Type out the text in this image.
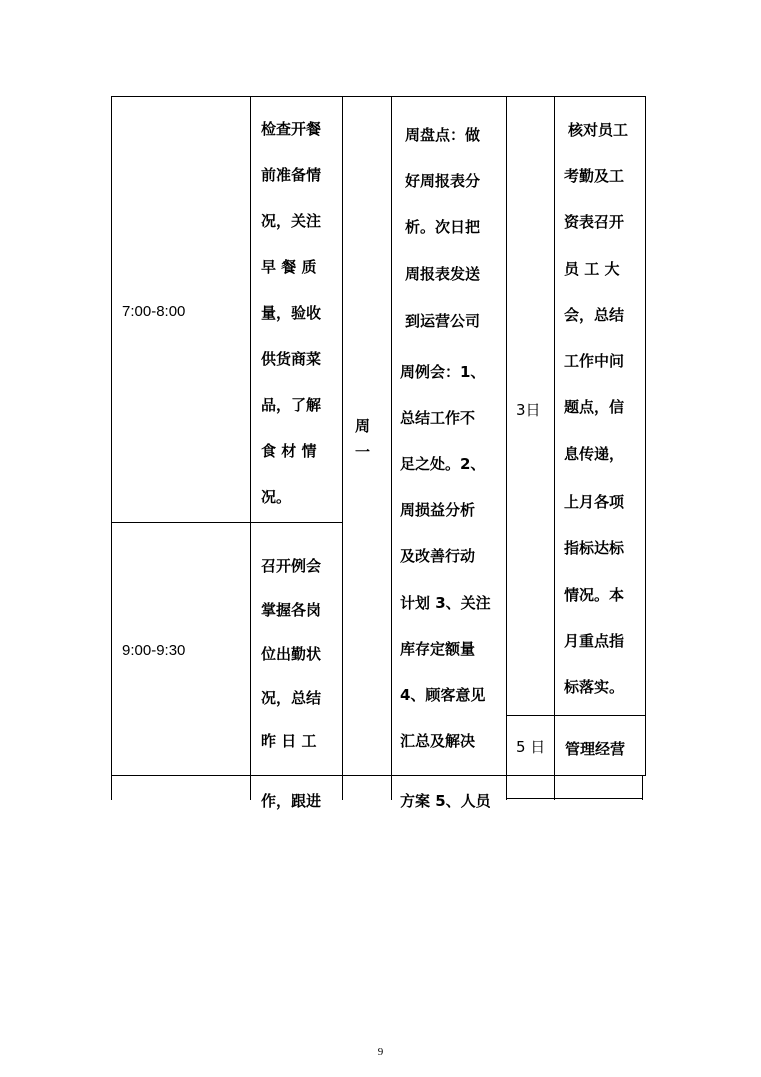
7:00-8:00
检查开餐
前准备情
况，关注
早 餐 质
量，验收
供货商菜
品，了解
食 材 情
况。
9:00-9:30
召开例会
掌握各岗
位出勤状
况，总结
昨 日 工
作，跟进	方案 5、人员
周
一
周盘点：做
好周报表分
析。次日把
周报表发送
到运营公司
周例会：1、
总结工作不
足之处。2、
周损益分析
及改善行动
计划 3、关注
库存定额量
4、顾客意见
汇总及解决
3日
5 日
核对员工
考勤及工
资表召开
员 工 大
会，总结
工作中问
题点，信
息传递，
上月各项
指标达标
情况。本
月重点指
标落实。
管理经营
9
